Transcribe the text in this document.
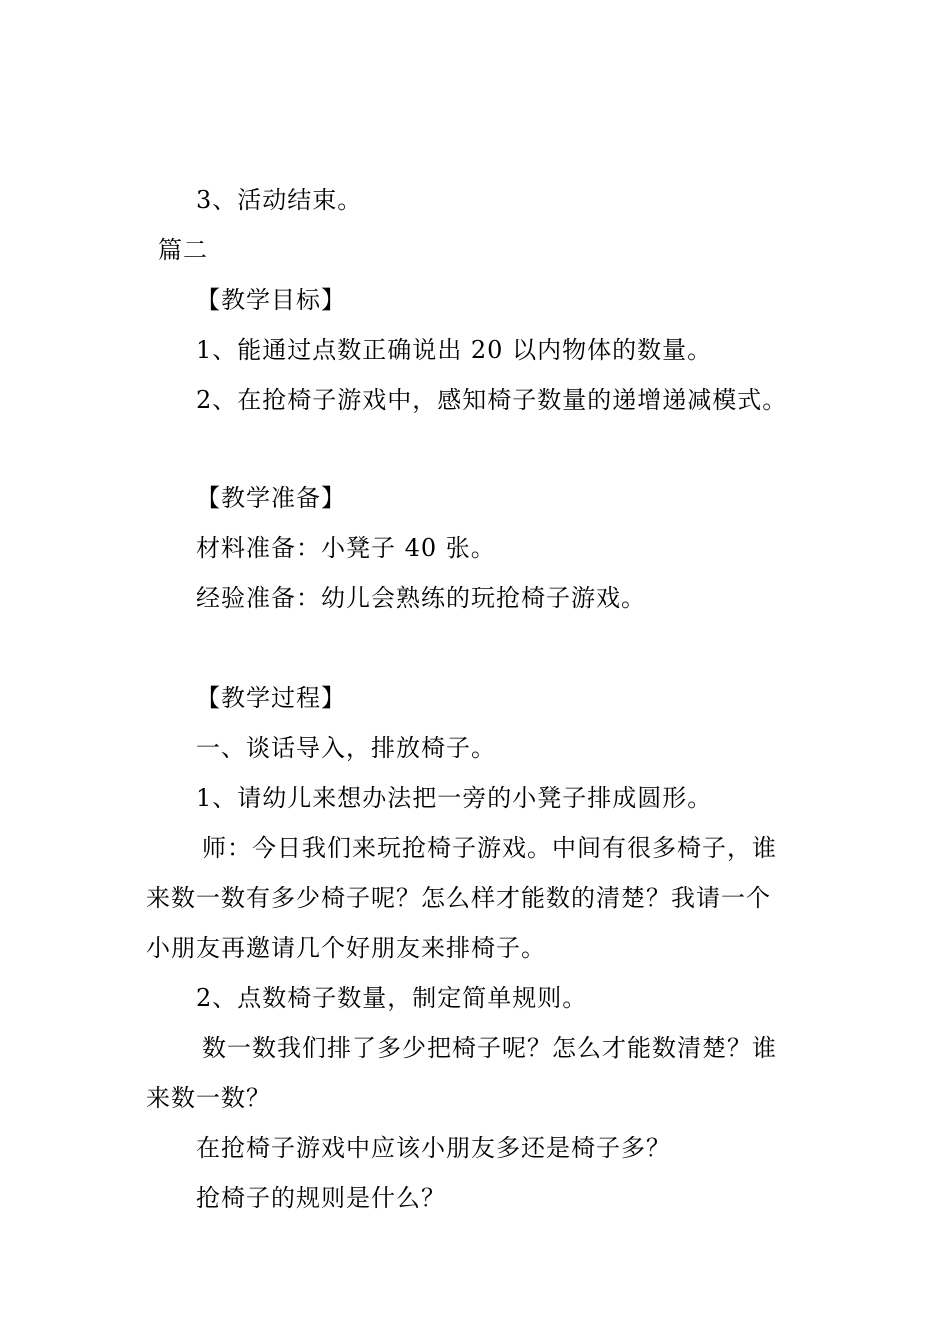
3、活动结束。
篇二
【教学目标】
1、能通过点数正确说出 20 以内物体的数量。
2、在抢椅子游戏中，感知椅子数量的递增递减模式。
【教学准备】
材料准备：小凳子 40 张。
经验准备：幼儿会熟练的玩抢椅子游戏。
【教学过程】
一、谈话导入，排放椅子。
1、请幼儿来想办法把一旁的小凳子排成圆形。
师：今日我们来玩抢椅子游戏。中间有很多椅子，谁
来数一数有多少椅子呢？怎么样才能数的清楚？我请一个
小朋友再邀请几个好朋友来排椅子。
2、点数椅子数量，制定简单规则。
数一数我们排了多少把椅子呢？怎么才能数清楚？谁
来数一数？
在抢椅子游戏中应该小朋友多还是椅子多？
抢椅子的规则是什么？
